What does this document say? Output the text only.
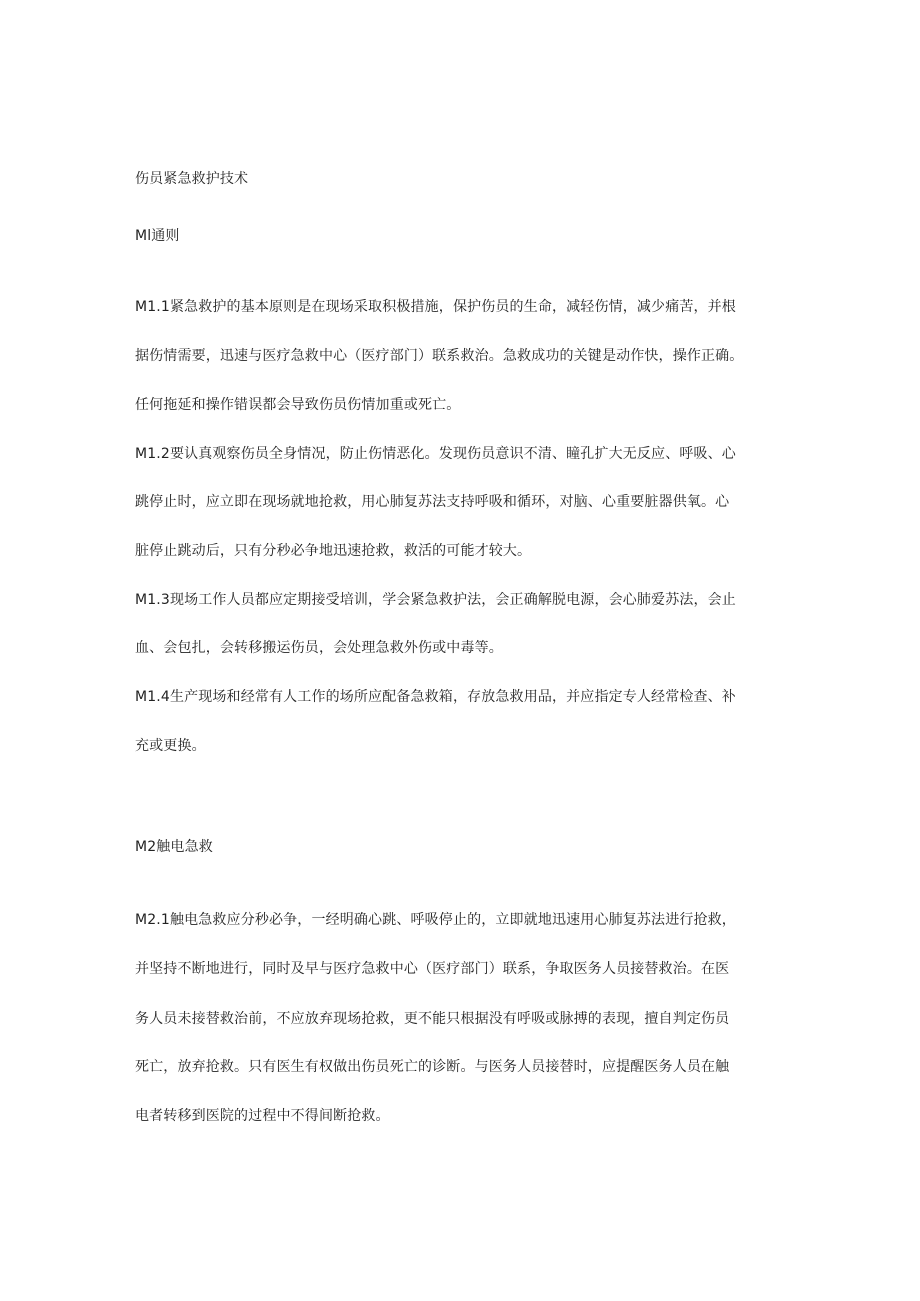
伤员紧急救护技术
Ml通则
M1.1紧急救护的基本原则是在现场采取积极措施，保护伤员的生命，减轻伤情，减少痛苦，并根
据伤情需要，迅速与医疗急救中心（医疗部门）联系救治。急救成功的关键是动作快，操作正确。
任何拖延和操作错误都会导致伤员伤情加重或死亡。
M1.2要认真观察伤员全身情况，防止伤情恶化。发现伤员意识不清、瞳孔扩大无反应、呼吸、心
跳停止时，应立即在现场就地抢救，用心肺复苏法支持呼吸和循环，对脑、心重要脏器供氧。心
脏停止跳动后，只有分秒必争地迅速抢救，救活的可能才较大。
M1.3现场工作人员都应定期接受培训，学会紧急救护法，会正确解脱电源，会心肺爱苏法，会止
血、会包扎，会转移搬运伤员，会处理急救外伤或中毒等。
M1.4生产现场和经常有人工作的场所应配备急救箱，存放急救用品，并应指定专人经常检查、补
充或更换。
M2触电急救
M2.1触电急救应分秒必争，一经明确心跳、呼吸停止的，立即就地迅速用心肺复苏法进行抢救，
并坚持不断地进行，同时及早与医疗急救中心（医疗部门）联系，争取医务人员接替救治。在医
务人员未接替救治前，不应放弃现场抢救，更不能只根据没有呼吸或脉搏的表现，擅自判定伤员
死亡，放弃抢救。只有医生有权做出伤员死亡的诊断。与医务人员接替时，应提醒医务人员在触
电者转移到医院的过程中不得间断抢救。
